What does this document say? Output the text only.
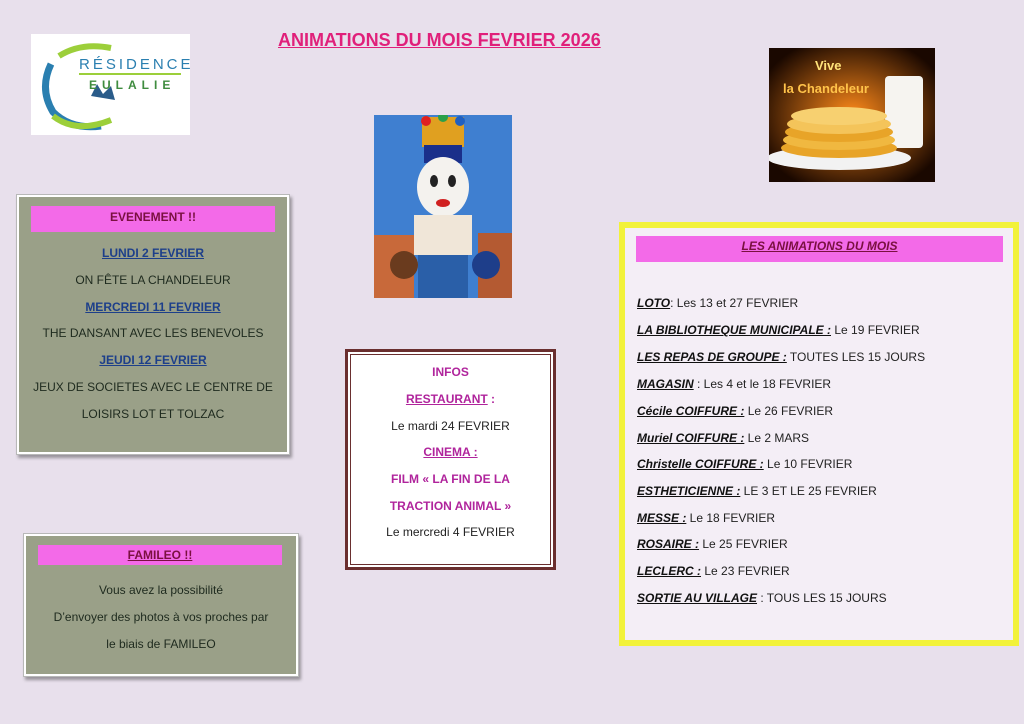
ANIMATIONS DU MOIS FEVRIER 2026
RÉSIDENCE
EULALIE
Vive
la Chandeleur
EVENEMENT !!
LUNDI 2 FEVRIER
ON FÊTE LA CHANDELEUR
MERCREDI 11 FEVRIER
THE DANSANT AVEC LES BENEVOLES
JEUDI 12 FEVRIER
JEUX DE SOCIETES AVEC LE CENTRE DE
LOISIRS LOT ET TOLZAC
FAMILEO !!
Vous avez la possibilité
D’envoyer des photos à vos proches par
le biais de FAMILEO
INFOS
RESTAURANT :
Le mardi 24 FEVRIER
CINEMA :
FILM « LA FIN DE LA
TRACTION ANIMAL »
Le mercredi 4 FEVRIER
LES ANIMATIONS DU MOIS
LOTO: Les 13 et 27 FEVRIER
LA BIBLIOTHEQUE MUNICIPALE : Le 19 FEVRIER
LES REPAS DE GROUPE : TOUTES LES 15 JOURS
MAGASIN : Les 4 et le 18 FEVRIER
Cécile COIFFURE : Le 26 FEVRIER
Muriel COIFFURE : Le 2 MARS
Christelle COIFFURE : Le 10 FEVRIER
ESTHETICIENNE : LE 3 ET LE 25 FEVRIER
MESSE : Le 18 FEVRIER
ROSAIRE : Le 25 FEVRIER
LECLERC : Le 23 FEVRIER
SORTIE AU VILLAGE : TOUS LES 15 JOURS
